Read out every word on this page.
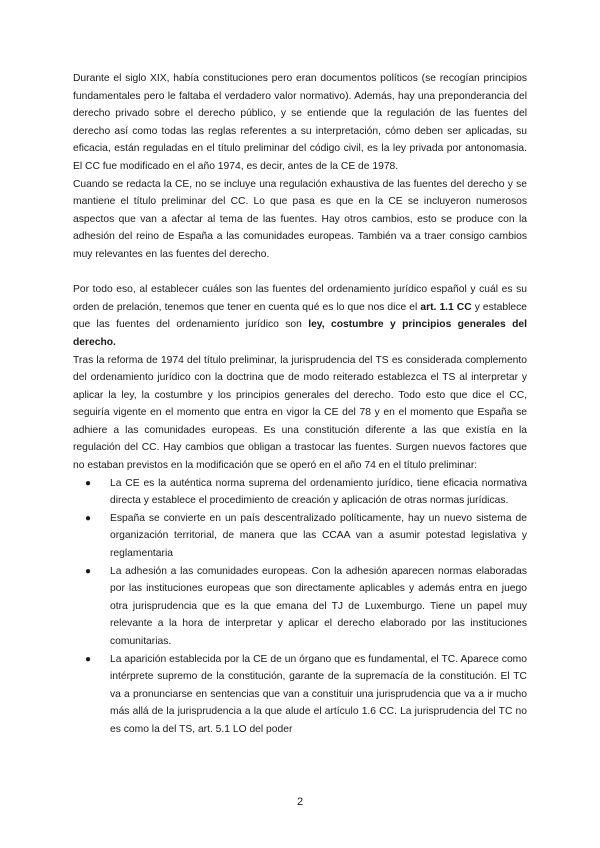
Durante el siglo XIX, había constituciones pero eran documentos políticos (se recogían principios fundamentales pero le faltaba el verdadero valor normativo). Además, hay una preponderancia del derecho privado sobre el derecho público, y se entiende que la regulación de las fuentes del derecho así como todas las reglas referentes a su interpretación, cómo deben ser aplicadas, su eficacia, están reguladas en el título preliminar del código civil, es la ley privada por antonomasia. El CC fue modificado en el año 1974, es decir, antes de la CE de 1978.

Cuando se redacta la CE, no se incluye una regulación exhaustiva de las fuentes del derecho y se mantiene el título preliminar del CC. Lo que pasa es que en la CE se incluyeron numerosos aspectos que van a afectar al tema de las fuentes. Hay otros cambios, esto se produce con la adhesión del reino de España a las comunidades europeas. También va a traer consigo cambios muy relevantes en las fuentes del derecho.

Por todo eso, al establecer cuáles son las fuentes del ordenamiento jurídico español y cuál es su orden de prelación, tenemos que tener en cuenta qué es lo que nos dice el art. 1.1 CC y establece que las fuentes del ordenamiento jurídico son ley, costumbre y principios generales del derecho.

Tras la reforma de 1974 del título preliminar, la jurisprudencia del TS es considerada complemento del ordenamiento jurídico con la doctrina que de modo reiterado establezca el TS al interpretar y aplicar la ley, la costumbre y los principios generales del derecho. Todo esto que dice el CC, seguiría vigente en el momento que entra en vigor la CE del 78 y en el momento que España se adhiere a las comunidades europeas. Es una constitución diferente a las que existía en la regulación del CC. Hay cambios que obligan a trastocar las fuentes. Surgen nuevos factores que no estaban previstos en la modificación que se operó en el año 74 en el título preliminar:

● La CE es la auténtica norma suprema del ordenamiento jurídico, tiene eficacia normativa directa y establece el procedimiento de creación y aplicación de otras normas jurídicas.
● España se convierte en un país descentralizado políticamente, hay un nuevo sistema de organización territorial, de manera que las CCAA van a asumir potestad legislativa y reglamentaria
● La adhesión a las comunidades europeas. Con la adhesión aparecen normas elaboradas por las instituciones europeas que son directamente aplicables y además entra en juego otra jurisprudencia que es la que emana del TJ de Luxemburgo. Tiene un papel muy relevante a la hora de interpretar y aplicar el derecho elaborado por las instituciones comunitarias.
● La aparición establecida por la CE de un órgano que es fundamental, el TC. Aparece como intérprete supremo de la constitución, garante de la supremacía de la constitución. El TC va a pronunciarse en sentencias que van a constituir una jurisprudencia que va a ir mucho más allá de la jurisprudencia a la que alude el artículo 1.6 CC. La jurisprudencia del TC no es como la del TS, art. 5.1 LO del poder
2
